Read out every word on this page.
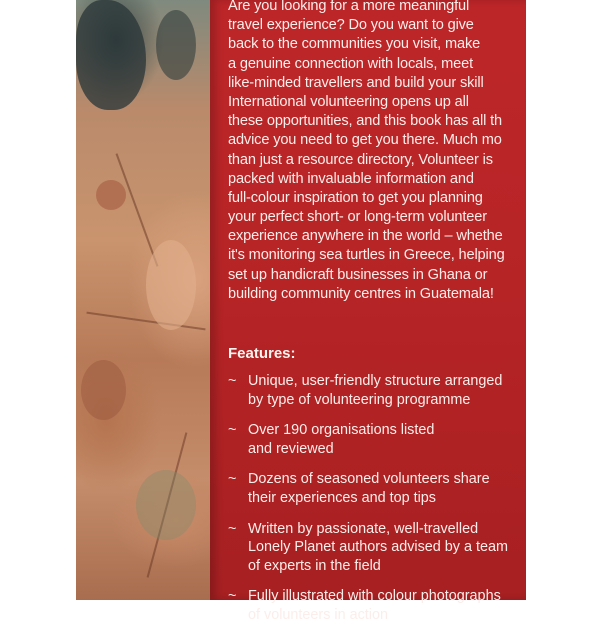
Are you looking for a more meaningful
travel experience? Do you want to give
back to the communities you visit, make
a genuine connection with locals, meet
like-minded travellers and build your skill
International volunteering opens up all
these opportunities, and this book has all th
advice you need to get you there. Much mo
than just a resource directory, Volunteer is
packed with invaluable information and
full-colour inspiration to get you planning
your perfect short- or long-term volunteer
experience anywhere in the world – whethe
it's monitoring sea turtles in Greece, helping
set up handicraft businesses in Ghana or
building community centres in Guatemala!
Features:
~ Unique, user-friendly structure arranged
by type of volunteering programme
~ Over 190 organisations listed
and reviewed
~ Dozens of seasoned volunteers share
their experiences and top tips
~ Written by passionate, well-travelled
Lonely Planet authors advised by a team
of experts in the field
~ Fully illustrated with colour photographs
of volunteers in action
